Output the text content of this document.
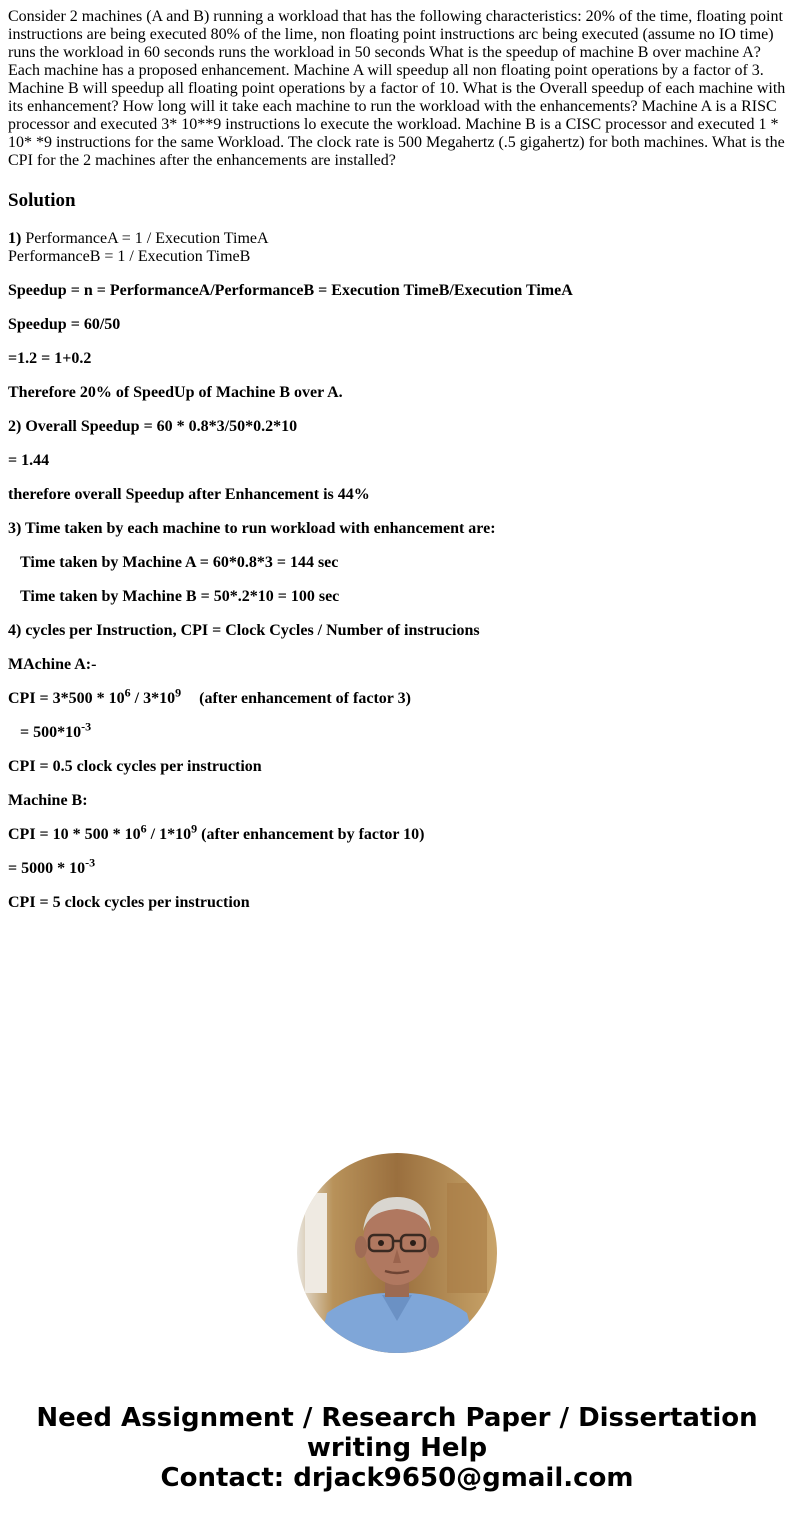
Consider 2 machines (A and B) running a workload that has the following characteristics: 20% of the time, floating point instructions are being executed 80% of the lime, non floating point instructions arc being executed (assume no IO time) runs the workload in 60 seconds runs the workload in 50 seconds What is the speedup of machine B over machine A? Each machine has a proposed enhancement. Machine A will speedup all non floating point operations by a factor of 3. Machine B will speedup all floating point operations by a factor of 10. What is the Overall speedup of each machine with its enhancement? How long will it take each machine to run the workload with the enhancements? Machine A is a RISC processor and executed 3* 10**9 instructions lo execute the workload. Machine B is a CISC processor and executed 1 * 10* *9 instructions for the same Workload. The clock rate is 500 Megahertz (.5 gigahertz) for both machines. What is the CPI for the 2 machines after the enhancements are installed?
Solution

1) PerformanceA = 1 / Execution TimeA
PerformanceB = 1 / Execution TimeB

Speedup = n = PerformanceA/PerformanceB = Execution TimeB/Execution TimeA

Speedup = 60/50

=1.2 = 1+0.2

Therefore 20% of SpeedUp of Machine B over A.

2) Overall Speedup = 60 * 0.8*3/50*0.2*10

= 1.44

therefore overall Speedup after Enhancement is 44%

3) Time taken by each machine to run workload with enhancement are:

Time taken by Machine A = 60*0.8*3 = 144 sec

Time taken by Machine B = 50*.2*10 = 100 sec

4) cycles per Instruction, CPI = Clock Cycles / Number of instrucions

MAchine A:-

CPI = $3*500 * 10^6 / 3*10^9$ (after enhancement of factor 3)

= $500*10^{-3}$

CPI = 0.5 clock cycles per instruction

Machine B:

CPI = $10 * 500 * 10^6 / 1*10^9$ (after enhancement by factor 10)

= $5000 * 10^{-3}$

CPI = 5 clock cycles per instruction

Need Assignment / Research Paper / Dissertation
writing Help
Contact: drjack9650@gmail.com
